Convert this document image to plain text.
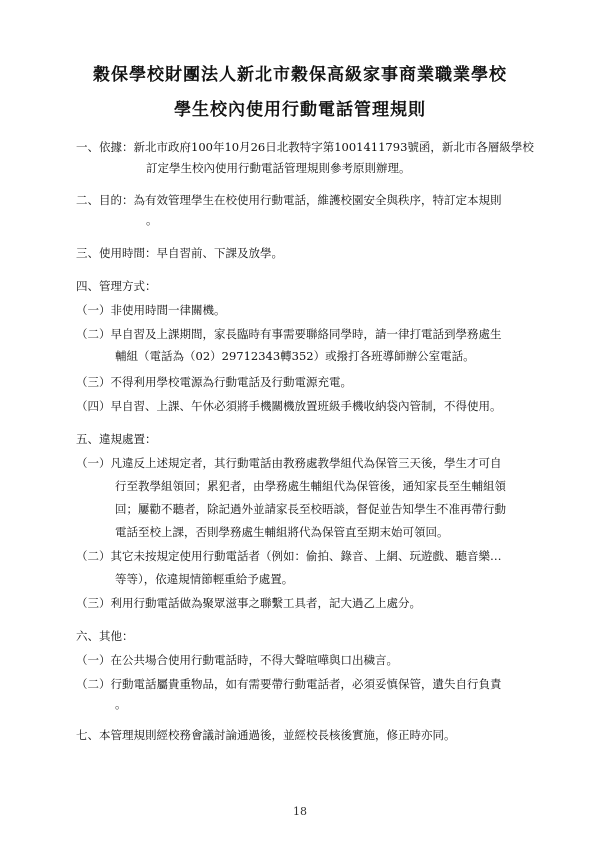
穀保學校財團法人新北市穀保高級家事商業職業學校
學生校內使用行動電話管理規則
一、依據：新北市政府100年10月26日北教特字第1001411793號函，新北市各層級學校
訂定學生校內使用行動電話管理規則參考原則辦理。
二、目的：為有效管理學生在校使用行動電話，維護校園安全與秩序，特訂定本規則
。
三、使用時間：早自習前、下課及放學。
四、管理方式：
（一）非使用時間一律關機。
（二）早自習及上課期間，家長臨時有事需要聯絡同學時，請一律打電話到學務處生
輔組（電話為（02）29712343轉352）或撥打各班導師辦公室電話。
（三）不得利用學校電源為行動電話及行動電源充電。
（四）早自習、上課、午休必須將手機關機放置班級手機收納袋內管制，不得使用。
五、違規處置：
（一）凡違反上述規定者，其行動電話由教務處教學組代為保管三天後，學生才可自
行至教學組領回；累犯者，由學務處生輔組代為保管後，通知家長至生輔組領
回；屢勸不聽者，除記過外並請家長至校晤談，督促並告知學生不准再帶行動
電話至校上課，否則學務處生輔組將代為保管直至期末始可領回。
（二）其它未按規定使用行動電話者（例如：偷拍、錄音、上網、玩遊戲、聽音樂…
等等），依違規情節輕重給予處置。
（三）利用行動電話做為聚眾滋事之聯繫工具者，記大過乙上處分。
六、其他：
（一）在公共場合使用行動電話時，不得大聲喧嘩與口出穢言。
（二）行動電話屬貴重物品，如有需要帶行動電話者，必須妥慎保管，遺失自行負責
。
七、本管理規則經校務會議討論通過後，並經校長核後實施，修正時亦同。
18
